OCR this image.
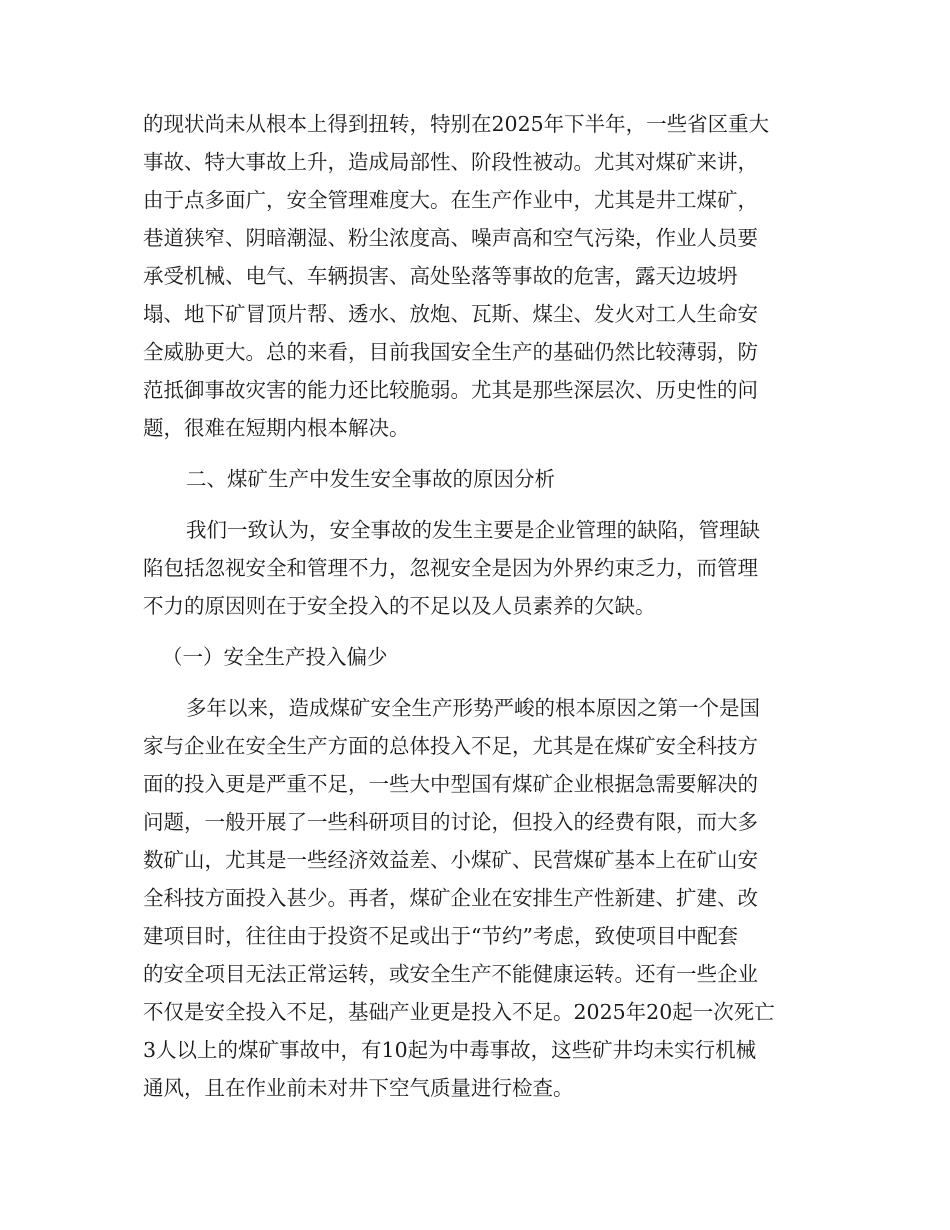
的现状尚未从根本上得到扭转，特别在2025年下半年，一些省区重大

事故、特大事故上升，造成局部性、阶段性被动。尤其对煤矿来讲，

由于点多面广，安全管理难度大。在生产作业中，尤其是井工煤矿，

巷道狭窄、阴暗潮湿、粉尘浓度高、噪声高和空气污染，作业人员要

承受机械、电气、车辆损害、高处坠落等事故的危害，露天边坡坍

塌、地下矿冒顶片帮、透水、放炮、瓦斯、煤尘、发火对工人生命安

全威胁更大。总的来看，目前我国安全生产的基础仍然比较薄弱，防

范抵御事故灾害的能力还比较脆弱。尤其是那些深层次、历史性的问

题，很难在短期内根本解决。

二、煤矿生产中发生安全事故的原因分析

我们一致认为，安全事故的发生主要是企业管理的缺陷，管理缺

陷包括忽视安全和管理不力，忽视安全是因为外界约束乏力，而管理

不力的原因则在于安全投入的不足以及人员素养的欠缺。

（一）安全生产投入偏少

多年以来，造成煤矿安全生产形势严峻的根本原因之第一个是国

家与企业在安全生产方面的总体投入不足，尤其是在煤矿安全科技方

面的投入更是严重不足，一些大中型国有煤矿企业根据急需要解决的

问题，一般开展了一些科研项目的讨论，但投入的经费有限，而大多

数矿山，尤其是一些经济效益差、小煤矿、民营煤矿基本上在矿山安

全科技方面投入甚少。再者，煤矿企业在安排生产性新建、扩建、改

建项目时，往往由于投资不足或出于“节约”考虑，致使项目中配套

的安全项目无法正常运转，或安全生产不能健康运转。还有一些企业

不仅是安全投入不足，基础产业更是投入不足。2025年20起一次死亡

3人以上的煤矿事故中，有10起为中毒事故，这些矿井均未实行机械

通风，且在作业前未对井下空气质量进行检查。
